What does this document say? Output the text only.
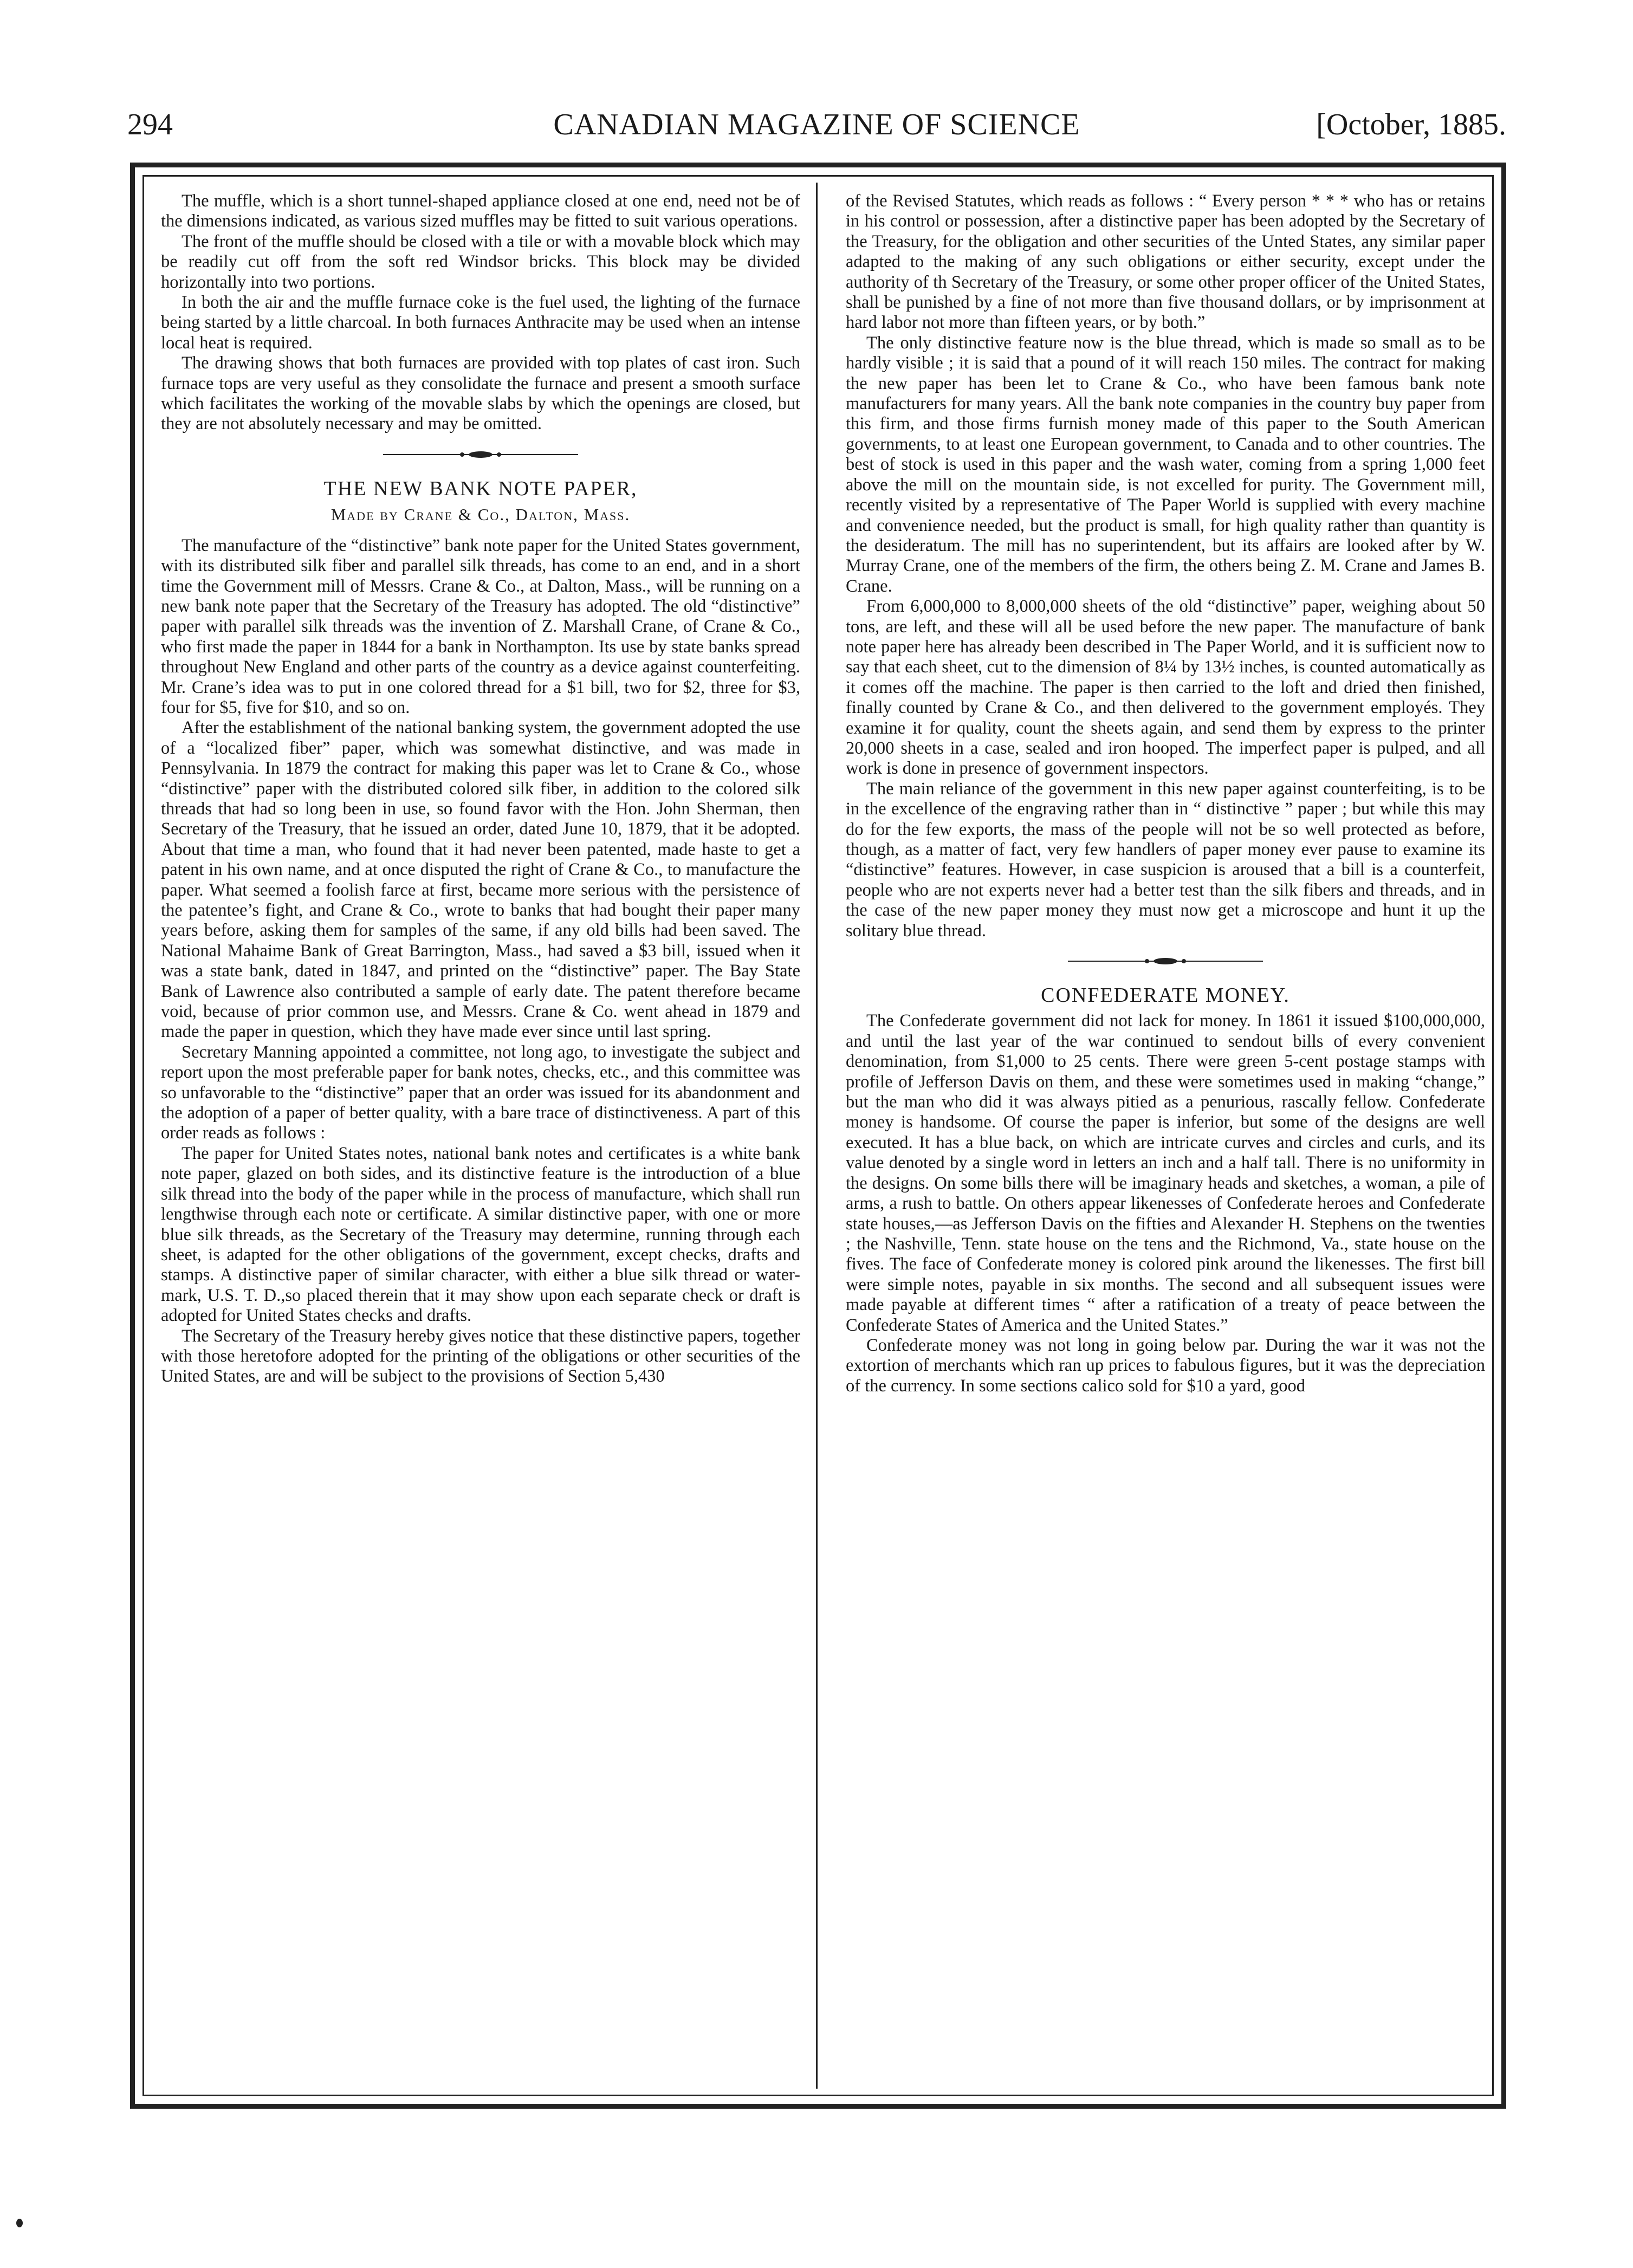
294	CANADIAN MAGAZINE OF SCIENCE	[October, 1885.

The muffle, which is a short tunnel-shaped appliance closed at one end, need not be of the dimensions indicated, as various sized muffles may be fitted to suit various operations.

The front of the muffle should be closed with a tile or with a movable block which may be readily cut off from the soft red Windsor bricks. This block may be divided horizontally into two portions.

In both the air and the muffle furnace coke is the fuel used, the lighting of the furnace being started by a little charcoal. In both furnaces Anthracite may be used when an intense local heat is required.

The drawing shows that both furnaces are provided with top plates of cast iron. Such furnace tops are very useful as they consolidate the furnace and present a smooth surface which facilitates the working of the movable slabs by which the openings are closed, but they are not absolutely necessary and may be omitted.

THE NEW BANK NOTE PAPER,
Made by Crane & Co., Dalton, Mass.

The manufacture of the “distinctive” bank note paper for the United States government, with its distributed silk fiber and parallel silk threads, has come to an end, and in a short time the Government mill of Messrs. Crane & Co., at Dalton, Mass., will be running on a new bank note paper that the Secretary of the Treasury has adopted. The old “distinctive” paper with parallel silk threads was the invention of Z. Marshall Crane, of Crane & Co., who first made the paper in 1844 for a bank in Northampton. Its use by state banks spread throughout New England and other parts of the country as a device against counterfeiting. Mr. Crane’s idea was to put in one colored thread for a $1 bill, two for $2, three for $3, four for $5, five for $10, and so on.

After the establishment of the national banking system, the government adopted the use of a “localized fiber” paper, which was somewhat distinctive, and was made in Pennsylvania. In 1879 the contract for making this paper was let to Crane & Co., whose “distinctive” paper with the distributed colored silk fiber, in addition to the colored silk threads that had so long been in use, so found favor with the Hon. John Sherman, then Secretary of the Treasury, that he issued an order, dated June 10, 1879, that it be adopted. About that time a man, who found that it had never been patented, made haste to get a patent in his own name, and at once disputed the right of Crane & Co., to manufacture the paper. What seemed a foolish farce at first, became more serious with the persistence of the patentee’s fight, and Crane & Co., wrote to banks that had bought their paper many years before, asking them for samples of the same, if any old bills had been saved. The National Mahaime Bank of Great Barrington, Mass., had saved a $3 bill, issued when it was a state bank, dated in 1847, and printed on the “distinctive” paper. The Bay State Bank of Lawrence also contributed a sample of early date. The patent therefore became void, because of prior common use, and Messrs. Crane & Co. went ahead in 1879 and made the paper in question, which they have made ever since until last spring.

Secretary Manning appointed a committee, not long ago, to investigate the subject and report upon the most preferable paper for bank notes, checks, etc., and this committee was so unfavorable to the “distinctive” paper that an order was issued for its abandonment and the adoption of a paper of better quality, with a bare trace of distinctiveness. A part of this order reads as follows :

The paper for United States notes, national bank notes and certificates is a white bank note paper, glazed on both sides, and its distinctive feature is the introduction of a blue silk thread into the body of the paper while in the process of manufacture, which shall run lengthwise through each note or certificate. A similar distinctive paper, with one or more blue silk threads, as the Secretary of the Treasury may determine, running through each sheet, is adapted for the other obligations of the government, except checks, drafts and stamps. A distinctive paper of similar character, with either a blue silk thread or water-mark, U.S. T. D.,so placed therein that it may show upon each separate check or draft is adopted for United States checks and drafts.

The Secretary of the Treasury hereby gives notice that these distinctive papers, together with those heretofore adopted for the printing of the obligations or other securities of the United States, are and will be subject to the provisions of Section 5,430

of the Revised Statutes, which reads as follows : “ Every person * * * who has or retains in his control or possession, after a distinctive paper has been adopted by the Secretary of the Treasury, for the obligation and other securities of the Unted States, any similar paper adapted to the making of any such obligations or either security, except under the authority of th Secretary of the Treasury, or some other proper officer of the United States, shall be punished by a fine of not more than five thousand dollars, or by imprisonment at hard labor not more than fifteen years, or by both.”

The only distinctive feature now is the blue thread, which is made so small as to be hardly visible ; it is said that a pound of it will reach 150 miles. The contract for making the new paper has been let to Crane & Co., who have been famous bank note manufacturers for many years. All the bank note companies in the country buy paper from this firm, and those firms furnish money made of this paper to the South American governments, to at least one European government, to Canada and to other countries. The best of stock is used in this paper and the wash water, coming from a spring 1,000 feet above the mill on the mountain side, is not excelled for purity. The Government mill, recently visited by a representative of The Paper World is supplied with every machine and convenience needed, but the product is small, for high quality rather than quantity is the desideratum. The mill has no superintendent, but its affairs are looked after by W. Murray Crane, one of the members of the firm, the others being Z. M. Crane and James B. Crane.

From 6,000,000 to 8,000,000 sheets of the old “distinctive” paper, weighing about 50 tons, are left, and these will all be used before the new paper. The manufacture of bank note paper here has already been described in The Paper World, and it is sufficient now to say that each sheet, cut to the dimension of 8¼ by 13½ inches, is counted automatically as it comes off the machine. The paper is then carried to the loft and dried then finished, finally counted by Crane & Co., and then delivered to the government employés. They examine it for quality, count the sheets again, and send them by express to the printer 20,000 sheets in a case, sealed and iron hooped. The imperfect paper is pulped, and all work is done in presence of government inspectors.

The main reliance of the government in this new paper against counterfeiting, is to be in the excellence of the engraving rather than in “ distinctive ” paper ; but while this may do for the few exports, the mass of the people will not be so well protected as before, though, as a matter of fact, very few handlers of paper money ever pause to examine its “distinctive” features. However, in case suspicion is aroused that a bill is a counterfeit, people who are not experts never had a better test than the silk fibers and threads, and in the case of the new paper money they must now get a microscope and hunt it up the solitary blue thread.

CONFEDERATE MONEY.

The Confederate government did not lack for money. In 1861 it issued $100,000,000, and until the last year of the war continued to sendout bills of every convenient denomination, from $1,000 to 25 cents. There were green 5-cent postage stamps with profile of Jefferson Davis on them, and these were sometimes used in making “change,” but the man who did it was always pitied as a penurious, rascally fellow. Confederate money is handsome. Of course the paper is inferior, but some of the designs are well executed. It has a blue back, on which are intricate curves and circles and curls, and its value denoted by a single word in letters an inch and a half tall. There is no uniformity in the designs. On some bills there will be imaginary heads and sketches, a woman, a pile of arms, a rush to battle. On others appear likenesses of Confederate heroes and Confederate state houses,—as Jefferson Davis on the fifties and Alexander H. Stephens on the twenties ; the Nashville, Tenn. state house on the tens and the Richmond, Va., state house on the fives. The face of Confederate money is colored pink around the likenesses. The first bill were simple notes, payable in six months. The second and all subsequent issues were made payable at different times “ after a ratification of a treaty of peace between the Confederate States of America and the United States.”

Confederate money was not long in going below par. During the war it was not the extortion of merchants which ran up prices to fabulous figures, but it was the depreciation of the currency. In some sections calico sold for $10 a yard, good
